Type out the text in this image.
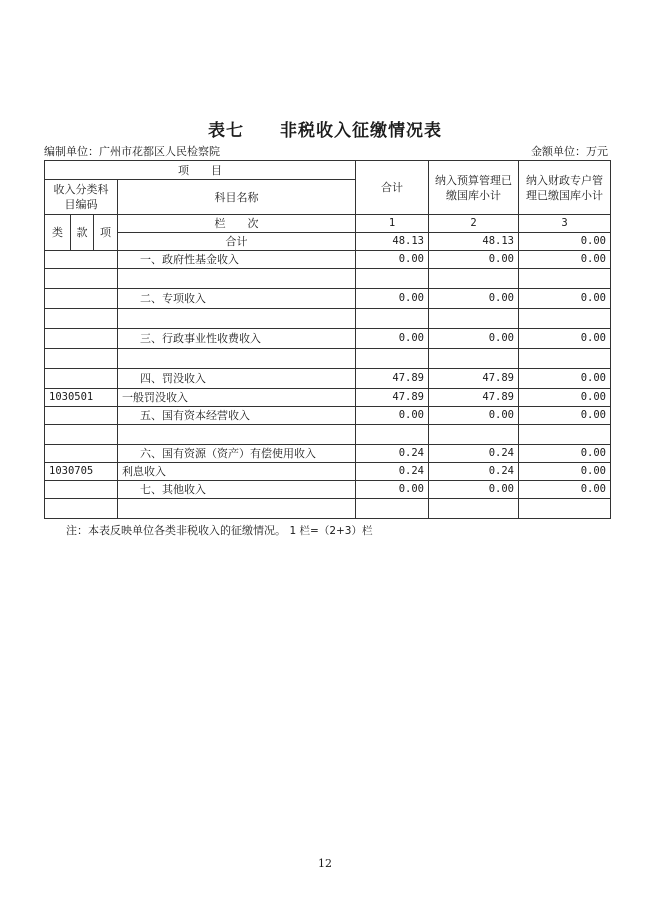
表七 非税收入征缴情况表
编制单位：广州市花都区人民检察院	金额单位：万元
项　　目				合计	纳入预算管理已缴国库小计	纳入财政专户管理已缴国库小计
收入分类科目编码			科目名称			
类	款	项	栏　　次	1	2	3
			合计	48.13	48.13	0.00
			一、政府性基金收入	0.00	0.00	0.00

			二、专项收入	0.00	0.00	0.00

			三、行政事业性收费收入	0.00	0.00	0.00

			四、罚没收入	47.89	47.89	0.00
1030501			一般罚没收入	47.89	47.89	0.00
			五、国有资本经营收入	0.00	0.00	0.00

			六、国有资源（资产）有偿使用收入	0.24	0.24	0.00
1030705			利息收入	0.24	0.24	0.00
			七、其他收入	0.00	0.00	0.00

注：本表反映单位各类非税收入的征缴情况。 1 栏=（2+3）栏
12
